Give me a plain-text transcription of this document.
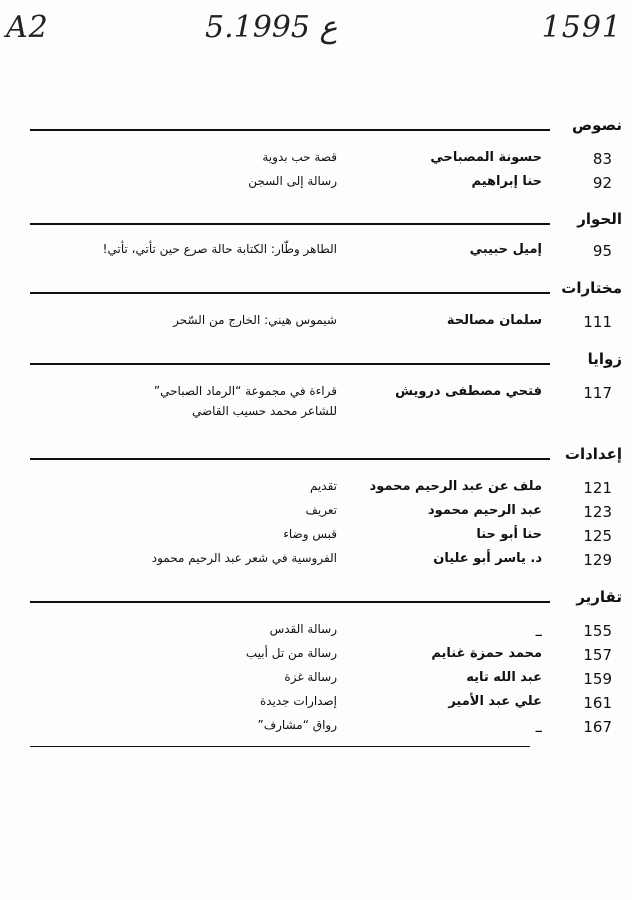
A2	5.ع 1995	1591
نصوص
83
حسونة المصباحي
قصة حب بدوية
92
حنا إبراهيم
رسالة إلى السجن
الحوار
95
إميل حبيبي
الطاهر وطّار: الكتابة حالة صرع حين تأتي، تأتي!
مختارات
111
سلمان مصالحة
شيموس هيني: الخارج من السّحر
زوايا
117
فتحي مصطفى درويش
قراءة في مجموعة “الرماد الصباحي”
للشاعر محمد حسيب القاضي
إعدادات
121
ملف عن عبد الرحيم محمود
تقديم
123
عبد الرحيم محمود
تعريف
125
حنا أبو حنا
قبس وضاء
129
د. ياسر أبو عليان
الفروسية في شعر عبد الرحيم محمود
تقارير
155
_
رسالة القدس
157
محمد حمزة غنايم
رسالة من تل أبيب
159
عبد الله تايه
رسالة غزة
161
علي عبد الأمير
إصدارات جديدة
167
_
رواق “مشارف”
